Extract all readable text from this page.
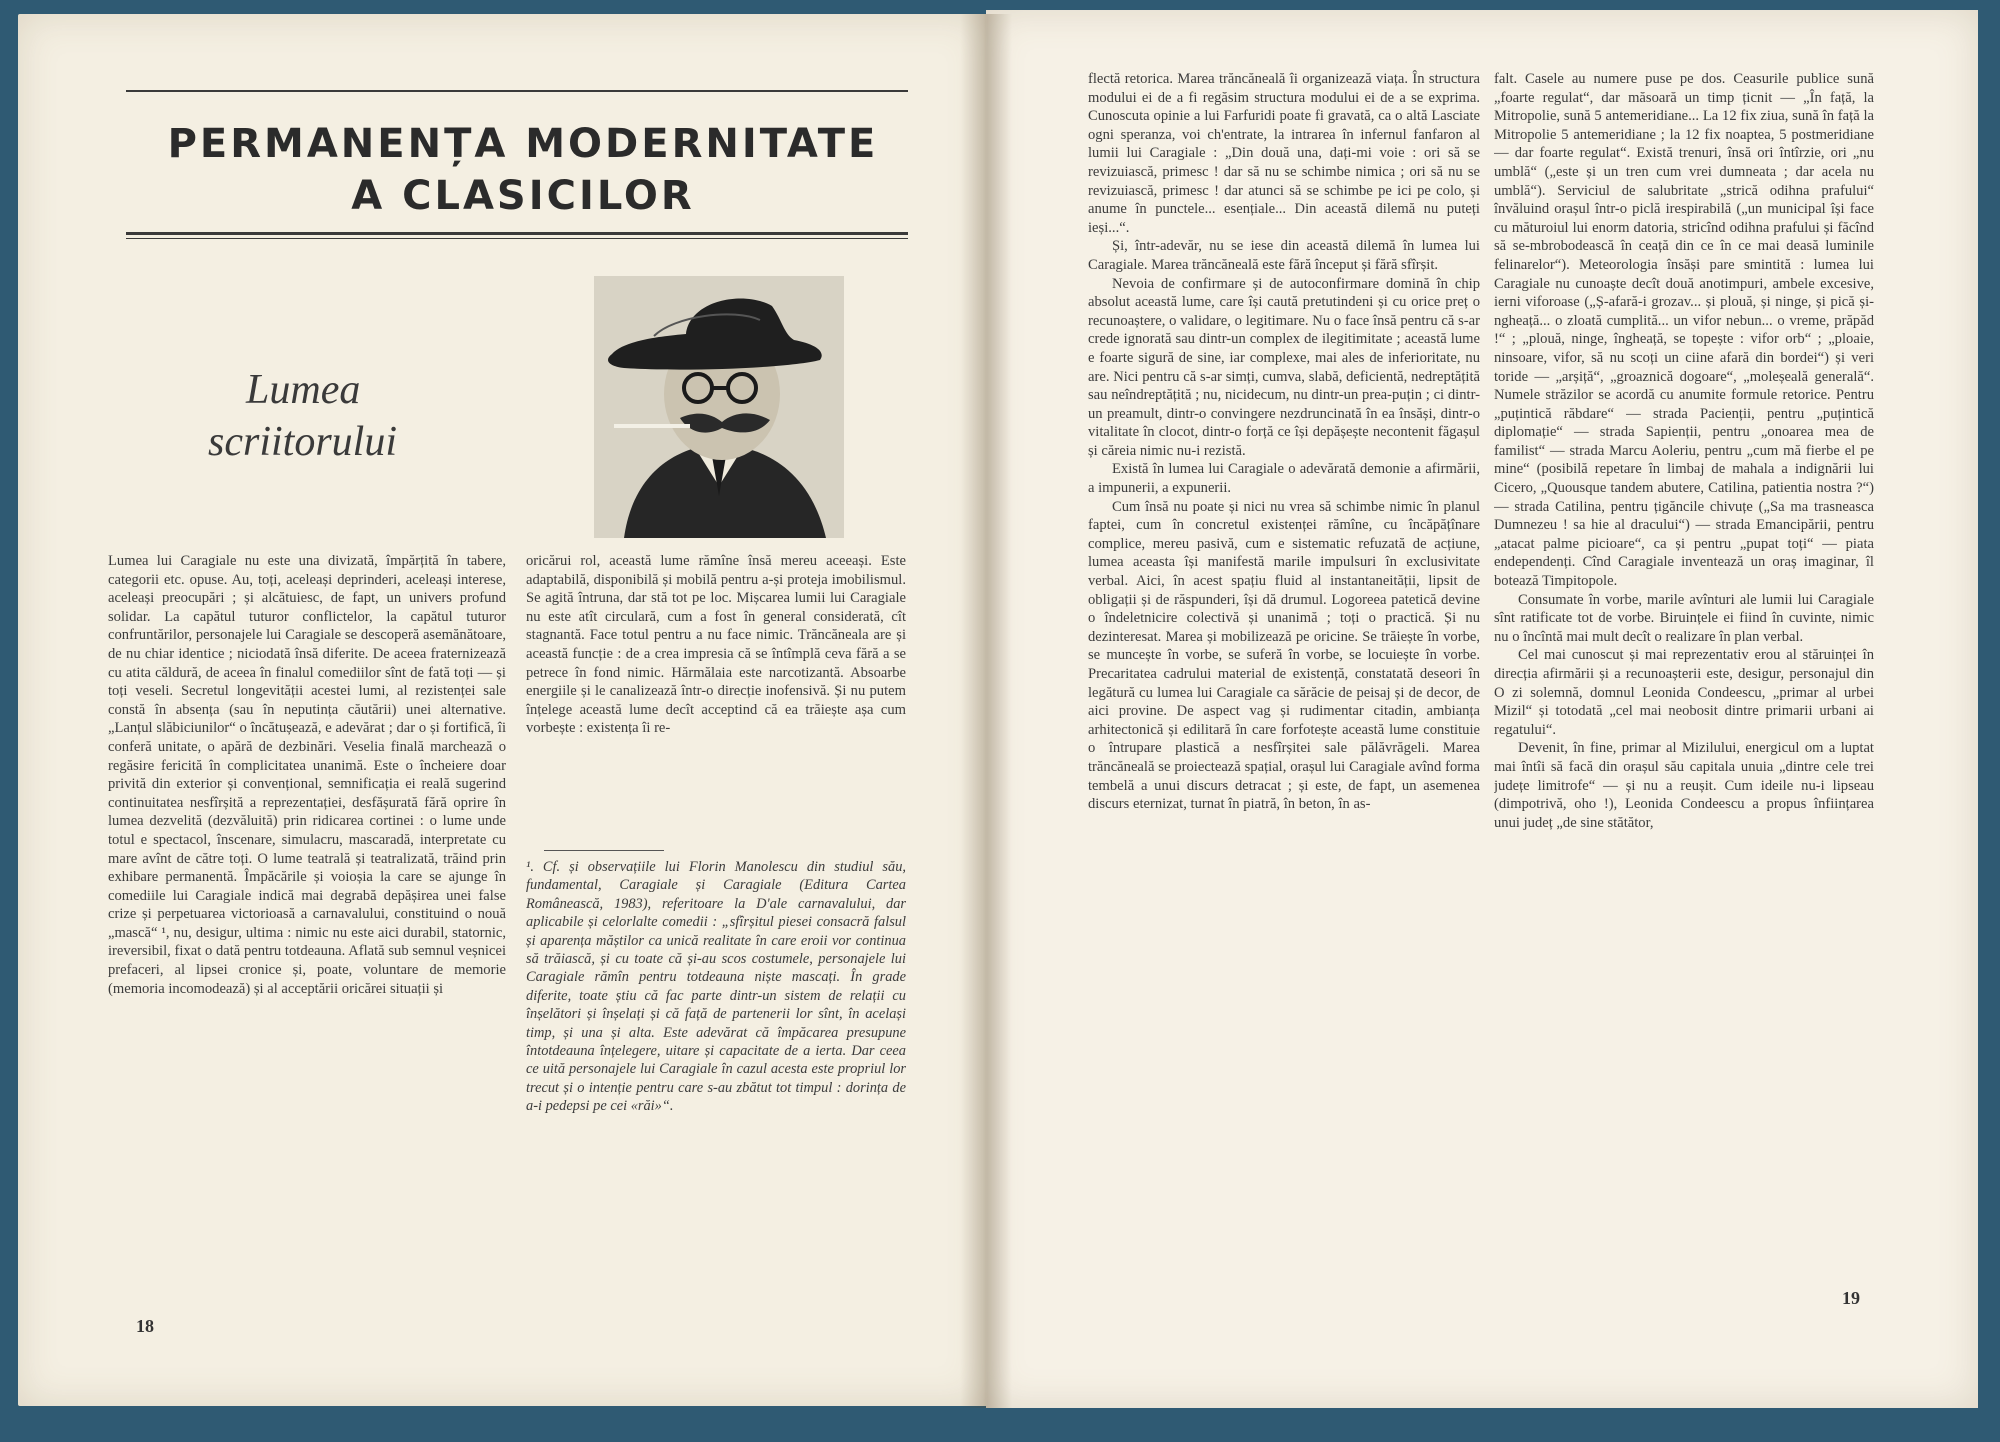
PERMANENȚA MODERNITATE
A CLASICILOR
Lumea
scriitorului

Lumea lui Caragiale nu este una divizată, împărțită în tabere, categorii etc. opuse. Au, toți, aceleași deprinderi, aceleași interese, aceleași preocupări ; și alcătuiesc, de fapt, un univers profund solidar. La capătul tuturor conflictelor, la capătul tuturor confruntărilor, personajele lui Caragiale se descoperă asemănătoare, de nu chiar identice ; niciodată însă diferite. De aceea fraternizează cu atita căldură, de aceea în finalul comediilor sînt de fată toți — și toți veseli. Secretul longevității acestei lumi, al rezistenței sale constă în absența (sau în neputința căutării) unei alternative. „Lanțul slăbiciunilor“ o încătușează, e adevărat ; dar o și fortifică, îi conferă unitate, o apără de dezbinări. Veselia finală marchează o regăsire fericită în complicitatea unanimă. Este o încheiere doar privită din exterior și convențional, semnificația ei reală sugerind continuitatea nesfîrșită a reprezentației, desfășurată fără oprire în lumea dezvelită (dezvăluită) prin ridicarea cortinei : o lume unde totul e spectacol, înscenare, simulacru, mascaradă, interpretate cu mare avînt de către toți. O lume teatrală și teatralizată, trăind prin exhibare permanentă. Împăcările și voioșia la care se ajunge în comediile lui Caragiale indică mai degrabă depășirea unei false crize și perpetuarea victorioasă a carnavalului, constituind o nouă „mască“ ¹, nu, desigur, ultima : nimic nu este aici durabil, statornic, ireversibil, fixat o dată pentru totdeauna. Aflată sub semnul veșnicei prefaceri, al lipsei cronice și, poate, voluntare de memorie (memoria incomodează) și al acceptării oricărei situații și

oricărui rol, această lume rămîne însă mereu aceeași. Este adaptabilă, disponibilă și mobilă pentru a-și proteja imobilismul. Se agită întruna, dar stă tot pe loc. Mișcarea lumii lui Caragiale nu este atît circulară, cum a fost în general considerată, cît stagnantă. Face totul pentru a nu face nimic. Trăncăneala are și această funcție : de a crea impresia că se întîmplă ceva fără a se petrece în fond nimic. Hărmălaia este narcotizantă. Absoarbe energiile și le canalizează într-o direcție inofensivă. Și nu putem înțelege această lume decît acceptind că ea trăiește așa cum vorbește : existența îi re-

¹. Cf. și observațiile lui Florin Manolescu din studiul său, fundamental, Caragiale și Caragiale (Editura Cartea Românească, 1983), referitoare la D'ale carnavalului, dar aplicabile și celorlalte comedii : „sfîrșitul piesei consacră falsul și aparența măștilor ca unică realitate în care eroii vor continua să trăiască, și cu toate că și-au scos costumele, personajele lui Caragiale rămîn pentru totdeauna niște mascați. În grade diferite, toate știu că fac parte dintr-un sistem de relații cu înșelători și înșelați și că față de partenerii lor sînt, în același timp, și una și alta. Este adevărat că împăcarea presupune întotdeauna înțelegere, uitare și capacitate de a ierta. Dar ceea ce uită personajele lui Caragiale în cazul acesta este propriul lor trecut și o intenție pentru care s-au zbătut tot timpul : dorința de a-i pedepsi pe cei «răi»“.

18

flectă retorica. Marea trăncăneală îi organizează viața. În structura modului ei de a fi regăsim structura modului ei de a se exprima. Cunoscuta opinie a lui Farfuridi poate fi gravată, ca o altă Lasciate ogni speranza, voi ch'entrate, la intrarea în infernul fanfaron al lumii lui Caragiale : „Din două una, dați-mi voie : ori să se revizuiască, primesc ! dar să nu se schimbe nimica ; ori să nu se revizuiască, primesc ! dar atunci să se schimbe pe ici pe colo, și anume în punctele... esențiale... Din această dilemă nu puteți ieși...“.

Și, într-adevăr, nu se iese din această dilemă în lumea lui Caragiale. Marea trăncăneală este fără început și fără sfîrșit.

Nevoia de confirmare și de autoconfirmare domină în chip absolut această lume, care își caută pretutindeni și cu orice preț o recunoaștere, o validare, o legitimare. Nu o face însă pentru că s-ar crede ignorată sau dintr-un complex de ilegitimitate ; această lume e foarte sigură de sine, iar complexe, mai ales de inferioritate, nu are. Nici pentru că s-ar simți, cumva, slabă, deficientă, nedreptățită sau neîndreptățită ; nu, nicidecum, nu dintr-un prea-puțin ; ci dintr-un preamult, dintr-o convingere nezdruncinată în ea însăși, dintr-o vitalitate în clocot, dintr-o forță ce își depășește necontenit făgașul și căreia nimic nu-i rezistă.

Există în lumea lui Caragiale o adevărată demonie a afirmării, a impunerii, a expunerii.

Cum însă nu poate și nici nu vrea să schimbe nimic în planul faptei, cum în concretul existenței rămîne, cu încăpățînare complice, mereu pasivă, cum e sistematic refuzată de acțiune, lumea aceasta își manifestă marile impulsuri în exclusivitate verbal. Aici, în acest spațiu fluid al instantaneității, lipsit de obligații și de răspunderi, își dă drumul. Logoreea patetică devine o îndeletnicire colectivă și unanimă ; toți o practică. Și nu dezinteresat. Marea și mobilizează pe oricine. Se trăiește în vorbe, se muncește în vorbe, se suferă în vorbe, se locuiește în vorbe. Precaritatea cadrului material de existență, constatată deseori în legătură cu lumea lui Caragiale ca sărăcie de peisaj și de decor, de aici provine. De aspect vag și rudimentar citadin, ambianța arhitectonică și edilitară în care forfotește această lume constituie o întrupare plastică a nesfîrșitei sale pălăvrăgeli. Marea trăncăneală se proiectează spațial, orașul lui Caragiale avînd forma tembelă a unui discurs detracat ; și este, de fapt, un asemenea discurs eternizat, turnat în piatră, în beton, în as-

falt. Casele au numere puse pe dos. Ceasurile publice sună „foarte regulat“, dar măsoară un timp țicnit — „În față, la Mitropolie, sună 5 antemeridiane... La 12 fix ziua, sună în față la Mitropolie 5 antemeridiane ; la 12 fix noaptea, 5 postmeridiane — dar foarte regulat“. Există trenuri, însă ori întîrzie, ori „nu umblă“ („este și un tren cum vrei dumneata ; dar acela nu umblă“). Serviciul de salubritate „strică odihna prafului“ învăluind orașul într-o piclă irespirabilă („un municipal își face cu măturoiul lui enorm datoria, stricînd odihna prafului și făcînd să se-mbrobodească în ceață din ce în ce mai deasă luminile felinarelor“). Meteorologia însăși pare smintită : lumea lui Caragiale nu cunoaște decît două anotimpuri, ambele excesive, ierni viforoase („Ș-afară-i grozav... și plouă, și ninge, și pică și-ngheață... o zloată cumplită... un vifor nebun... o vreme, prăpăd !“ ; „plouă, ninge, îngheață, se topește : vifor orb“ ; „ploaie, ninsoare, vifor, să nu scoți un ciine afară din bordei“) și veri toride — „arșiță“, „groaznică dogoare“, „moleșeală generală“. Numele străzilor se acordă cu anumite formule retorice. Pentru „puțintică răbdare“ — strada Pacienții, pentru „puțintică diplomație“ — strada Sapienții, pentru „onoarea mea de familist“ — strada Marcu Aoleriu, pentru „cum mă fierbe el pe mine“ (posibilă repetare în limbaj de mahala a indignării lui Cicero, „Quousque tandem abutere, Catilina, patientia nostra ?“) — strada Catilina, pentru țigăncile chivuțe („Sa ma trasneasca Dumnezeu ! sa hie al dracului“) — strada Emancipării, pentru „atacat palme picioare“, ca și pentru „pupat toți“ — piata endependenți. Cînd Caragiale inventează un oraș imaginar, îl botează Timpitopole.

Consumate în vorbe, marile avînturi ale lumii lui Caragiale sînt ratificate tot de vorbe. Biruințele ei fiind în cuvinte, nimic nu o încîntă mai mult decît o realizare în plan verbal.

Cel mai cunoscut și mai reprezentativ erou al stăruinței în direcția afirmării și a recunoașterii este, desigur, personajul din O zi solemnă, domnul Leonida Condeescu, „primar al urbei Mizil“ și totodată „cel mai neobosit dintre primarii urbani ai regatului“.

Devenit, în fine, primar al Mizilului, energicul om a luptat mai întîi să facă din orașul său capitala unuia „dintre cele trei județe limitrofe“ — și nu a reușit. Cum ideile nu-i lipseau (dimpotrivă, oho !), Leonida Condeescu a propus înființarea unui județ „de sine stătător,

19
